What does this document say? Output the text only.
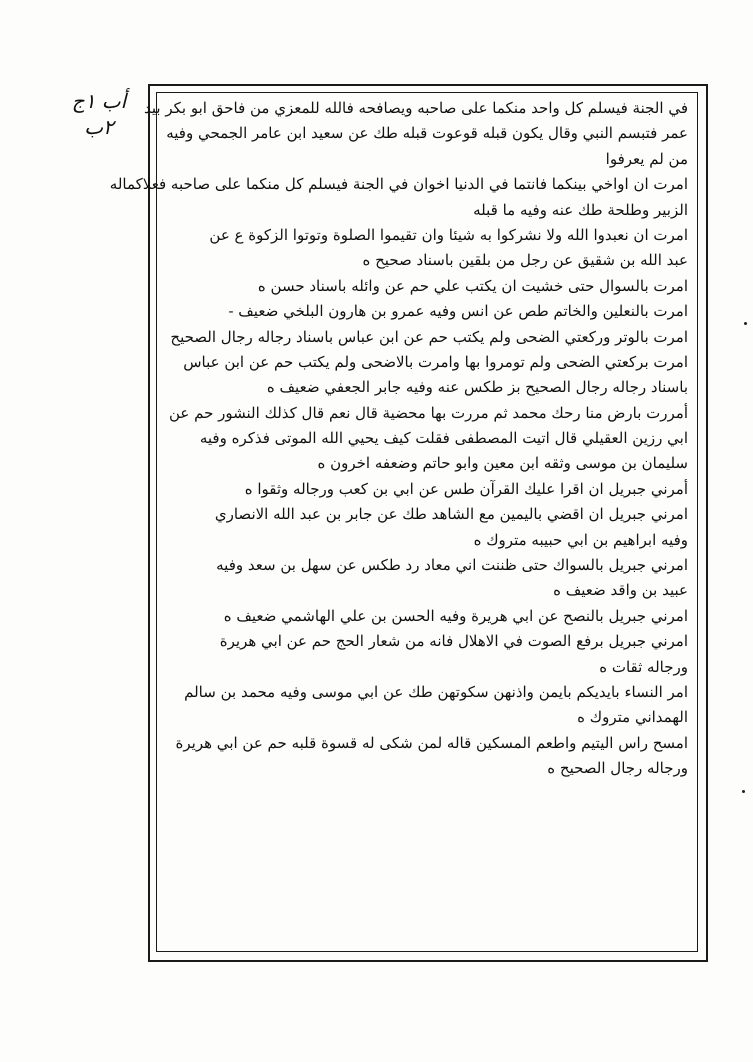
أب ١ج
٢ب
في الجنة فيسلم كل واحد منكما على صاحبه ويصافحه فالله للمعزي من فاحق ابو بكر بيد
عمر فتبسم النبي وقال يكون قبله قوعوت قبله طك عن سعيد ابن عامر الجمحي وفيه
من لم يعرفوا
امرت ان اواخي بينكما فانتما في الدنيا اخوان في الجنة فيسلم كل منكما على صاحبه فعلاكماله
الزبير وطلحة طك عنه وفيه ما قبله
امرت ان نعبدوا الله ولا نشركوا به شيئا وان تقيموا الصلوة وتوتوا الزكوة ع عن
عبد الله بن شقيق عن رجل من بلقين باسناد صحيح ه
امرت بالسوال حتى خشيت ان يكتب علي حم عن وائله باسناد حسن ه
امرت بالنعلين والخاتم طص عن انس وفيه عمرو بن هارون البلخي ضعيف -
امرت بالوتر وركعتي الضحى ولم يكتب حم عن ابن عباس باسناد رجاله رجال الصحيح
امرت بركعتي الضحى ولم تومروا بها وامرت بالاضحى ولم يكتب حم عن ابن عباس
باسناد رجاله رجال الصحيح بز طكس عنه وفيه جابر الجعفي ضعيف ه
أمررت بارض منا رحك محمد ثم مررت بها محضية قال نعم قال كذلك النشور حم عن
ابي رزين العقيلي قال اتيت المصطفى فقلت كيف يحيي الله الموتى فذكره وفيه
سليمان بن موسى وثقه ابن معين وابو حاتم وضعفه اخرون ه
أمرني جبريل ان اقرا عليك القرآن طس عن ابي بن كعب ورجاله وثقوا ه
امرني جبريل ان اقضي باليمين مع الشاهد طك عن جابر بن عبد الله الانصاري
وفيه ابراهيم بن ابي حبيبه متروك ه
امرني جبريل بالسواك حتى ظننت اني معاد رد طكس عن سهل بن سعد وفيه
عبيد بن واقد ضعيف ه
امرني جبريل بالنصح عن ابي هريرة وفيه الحسن بن علي الهاشمي ضعيف ه
امرني جبريل برفع الصوت في الاهلال فانه من شعار الحج حم عن ابي هريرة
ورجاله ثقات ه
امر النساء بايديكم بايمن واذنهن سكوتهن طك عن ابي موسى وفيه محمد بن سالم
الهمداني متروك ه
امسح راس اليتيم واطعم المسكين قاله لمن شكى له قسوة قلبه حم عن ابي هريرة
ورجاله رجال الصحيح ه
